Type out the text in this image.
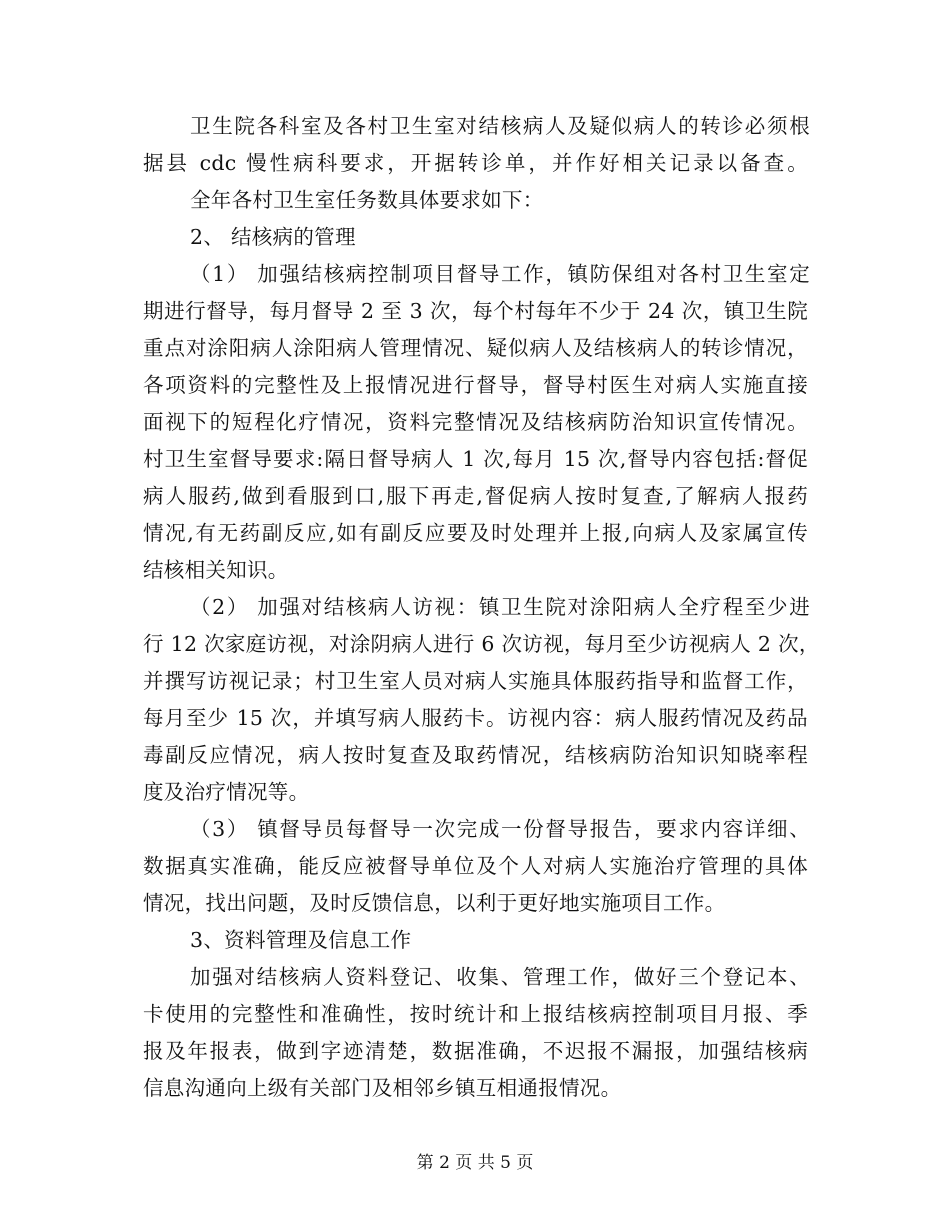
卫生院各科室及各村卫生室对结核病人及疑似病人的转诊必须根
据县 cdc 慢性病科要求，开据转诊单，并作好相关记录以备查。
全年各村卫生室任务数具体要求如下：
2、 结核病的管理
（1） 加强结核病控制项目督导工作，镇防保组对各村卫生室定
期进行督导，每月督导 2 至 3 次，每个村每年不少于 24 次，镇卫生院
重点对涂阳病人涂阳病人管理情况、疑似病人及结核病人的转诊情况，
各项资料的完整性及上报情况进行督导，督导村医生对病人实施直接
面视下的短程化疗情况，资料完整情况及结核病防治知识宣传情况。
村卫生室督导要求:隔日督导病人 1 次,每月 15 次,督导内容包括:督促
病人服药,做到看服到口,服下再走,督促病人按时复查,了解病人报药
情况,有无药副反应,如有副反应要及时处理并上报,向病人及家属宣传
结核相关知识。
（2） 加强对结核病人访视：镇卫生院对涂阳病人全疗程至少进
行 12 次家庭访视，对涂阴病人进行 6 次访视，每月至少访视病人 2 次，
并撰写访视记录；村卫生室人员对病人实施具体服药指导和监督工作，
每月至少 15 次，并填写病人服药卡。访视内容：病人服药情况及药品
毒副反应情况，病人按时复查及取药情况，结核病防治知识知晓率程
度及治疗情况等。
（3） 镇督导员每督导一次完成一份督导报告，要求内容详细、
数据真实准确，能反应被督导单位及个人对病人实施治疗管理的具体
情况，找出问题，及时反馈信息，以利于更好地实施项目工作。
3、资料管理及信息工作
加强对结核病人资料登记、收集、管理工作，做好三个登记本、
卡使用的完整性和准确性，按时统计和上报结核病控制项目月报、季
报及年报表，做到字迹清楚，数据准确，不迟报不漏报，加强结核病
信息沟通向上级有关部门及相邻乡镇互相通报情况。
第 2 页 共 5 页
